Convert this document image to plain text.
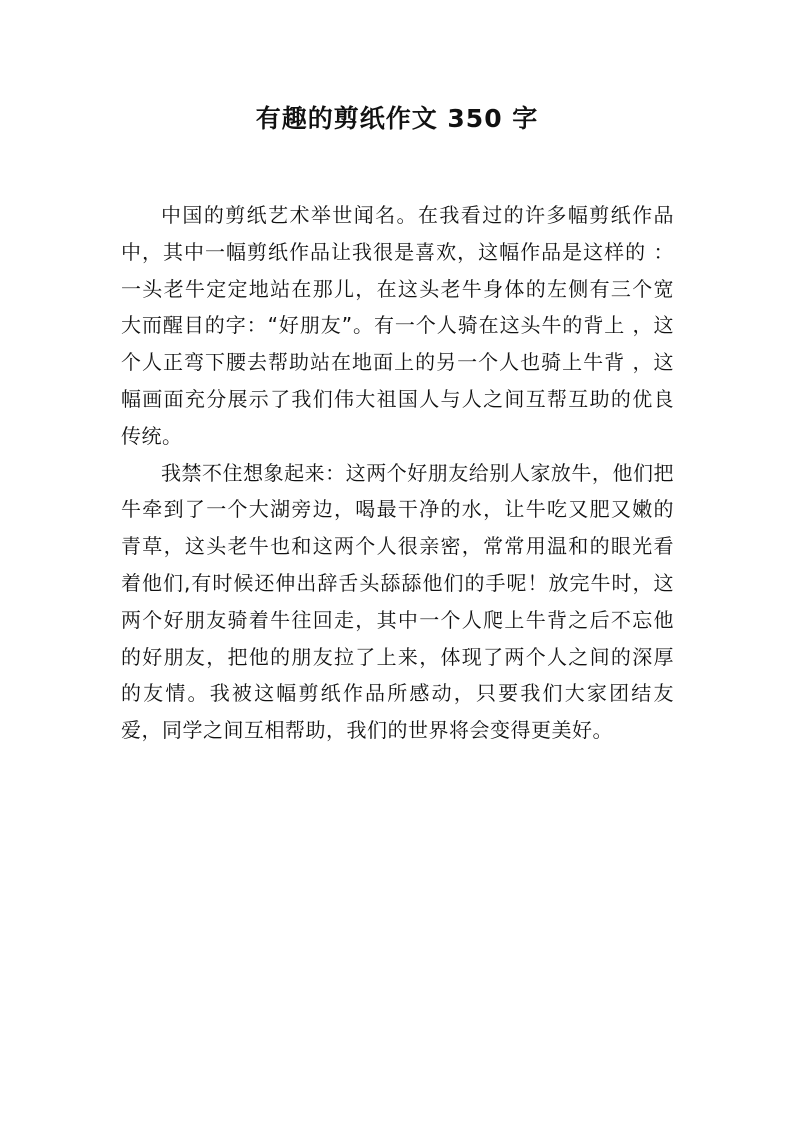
有趣的剪纸作文 350 字

中国的剪纸艺术举世闻名。在我看过的许多幅剪纸作品中，其中一幅剪纸作品让我很是喜欢，这幅作品是这样的 ：一头老牛定定地站在那儿，在这头老牛身体的左侧有三个宽大而醒目的字：“好朋友”。有一个人骑在这头牛的背上 ，这个人正弯下腰去帮助站在地面上的另一个人也骑上牛背 ，这幅画面充分展示了我们伟大祖国人与人之间互帮互助的优良传统。

我禁不住想象起来：这两个好朋友给别人家放牛，他们把牛牵到了一个大湖旁边，喝最干净的水，让牛吃又肥又嫩的青草，这头老牛也和这两个人很亲密，常常用温和的眼光看着他们,有时候还伸出辞舌头舔舔他们的手呢！放完牛时，这两个好朋友骑着牛往回走，其中一个人爬上牛背之后不忘他的好朋友，把他的朋友拉了上来，体现了两个人之间的深厚的友情。我被这幅剪纸作品所感动，只要我们大家团结友爱，同学之间互相帮助，我们的世界将会变得更美好。
